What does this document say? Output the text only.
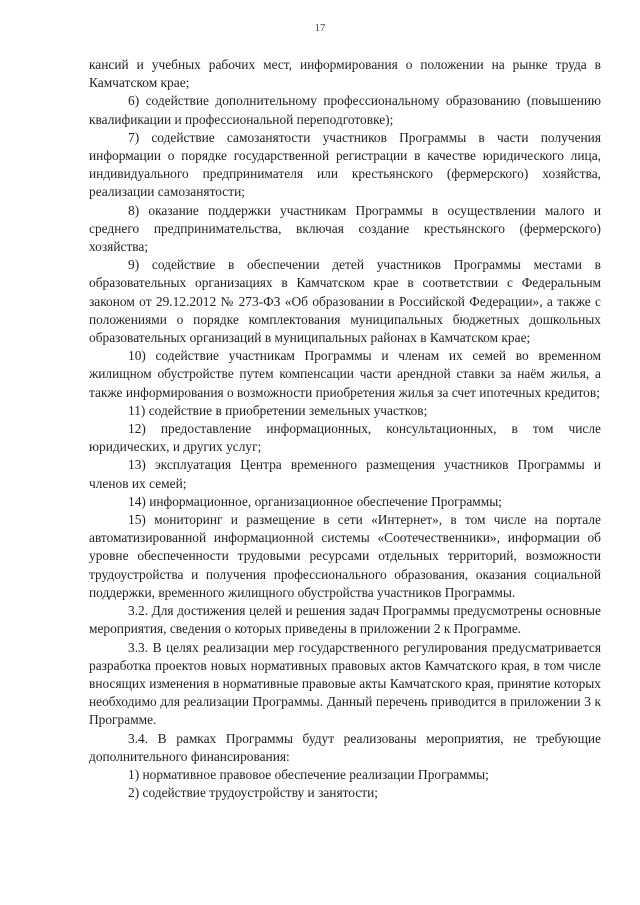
17

кансий и учебных рабочих мест, информирования о положении на рынке труда в Камчатском крае;

6) содействие дополнительному профессиональному образованию (повышению квалификации и профессиональной переподготовке);

7) содействие самозанятости участников Программы в части получения информации о порядке государственной регистрации в качестве юридического лица, индивидуального предпринимателя или крестьянского (фермерского) хозяйства, реализации самозанятости;

8) оказание поддержки участникам Программы в осуществлении малого и среднего предпринимательства, включая создание крестьянского (фермерского) хозяйства;

9) содействие в обеспечении детей участников Программы местами в образовательных организациях в Камчатском крае в соответствии с Федеральным законом от 29.12.2012 № 273-ФЗ «Об образовании в Российской Федерации», а также с положениями о порядке комплектования муниципальных бюджетных дошкольных образовательных организаций в муниципальных районах в Камчатском крае;

10) содействие участникам Программы и членам их семей во временном жилищном обустройстве путем компенсации части арендной ставки за наём жилья, а также информирования о возможности приобретения жилья за счет ипотечных кредитов;

11) содействие в приобретении земельных участков;

12) предоставление информационных, консультационных, в том числе юридических, и других услуг;

13) эксплуатация Центра временного размещения участников Программы и членов их семей;

14) информационное, организационное обеспечение Программы;

15) мониторинг и размещение в сети «Интернет», в том числе на портале автоматизированной информационной системы «Соотечественники», информации об уровне обеспеченности трудовыми ресурсами отдельных территорий, возможности трудоустройства и получения профессионального образования, оказания социальной поддержки, временного жилищного обустройства участников Программы.

3.2. Для достижения целей и решения задач Программы предусмотрены основные мероприятия, сведения о которых приведены в приложении 2 к Программе.

3.3. В целях реализации мер государственного регулирования предусматривается разработка проектов новых нормативных правовых актов Камчатского края, в том числе вносящих изменения в нормативные правовые акты Камчатского края, принятие которых необходимо для реализации Программы. Данный перечень приводится в приложении 3 к Программе.

3.4. В рамках Программы будут реализованы мероприятия, не требующие дополнительного финансирования:

1) нормативное правовое обеспечение реализации Программы;

2) содействие трудоустройству и занятости;
